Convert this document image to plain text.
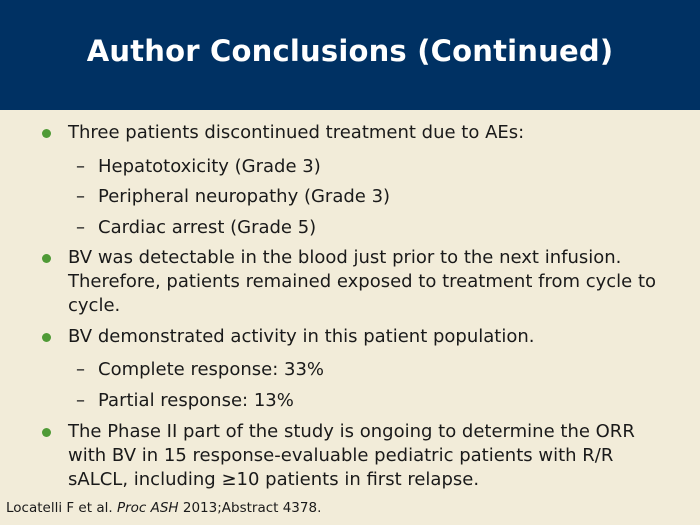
Author Conclusions (Continued)
Three patients discontinued treatment due to AEs:
– Hepatotoxicity (Grade 3)
– Peripheral neuropathy (Grade 3)
– Cardiac arrest (Grade 5)
BV was detectable in the blood just prior to the next infusion. Therefore, patients remained exposed to treatment from cycle to cycle.
BV demonstrated activity in this patient population.
– Complete response: 33%
– Partial response: 13%
The Phase II part of the study is ongoing to determine the ORR with BV in 15 response-evaluable pediatric patients with R/R sALCL, including ≥10 patients in first relapse.
Locatelli F et al. Proc ASH 2013;Abstract 4378.
